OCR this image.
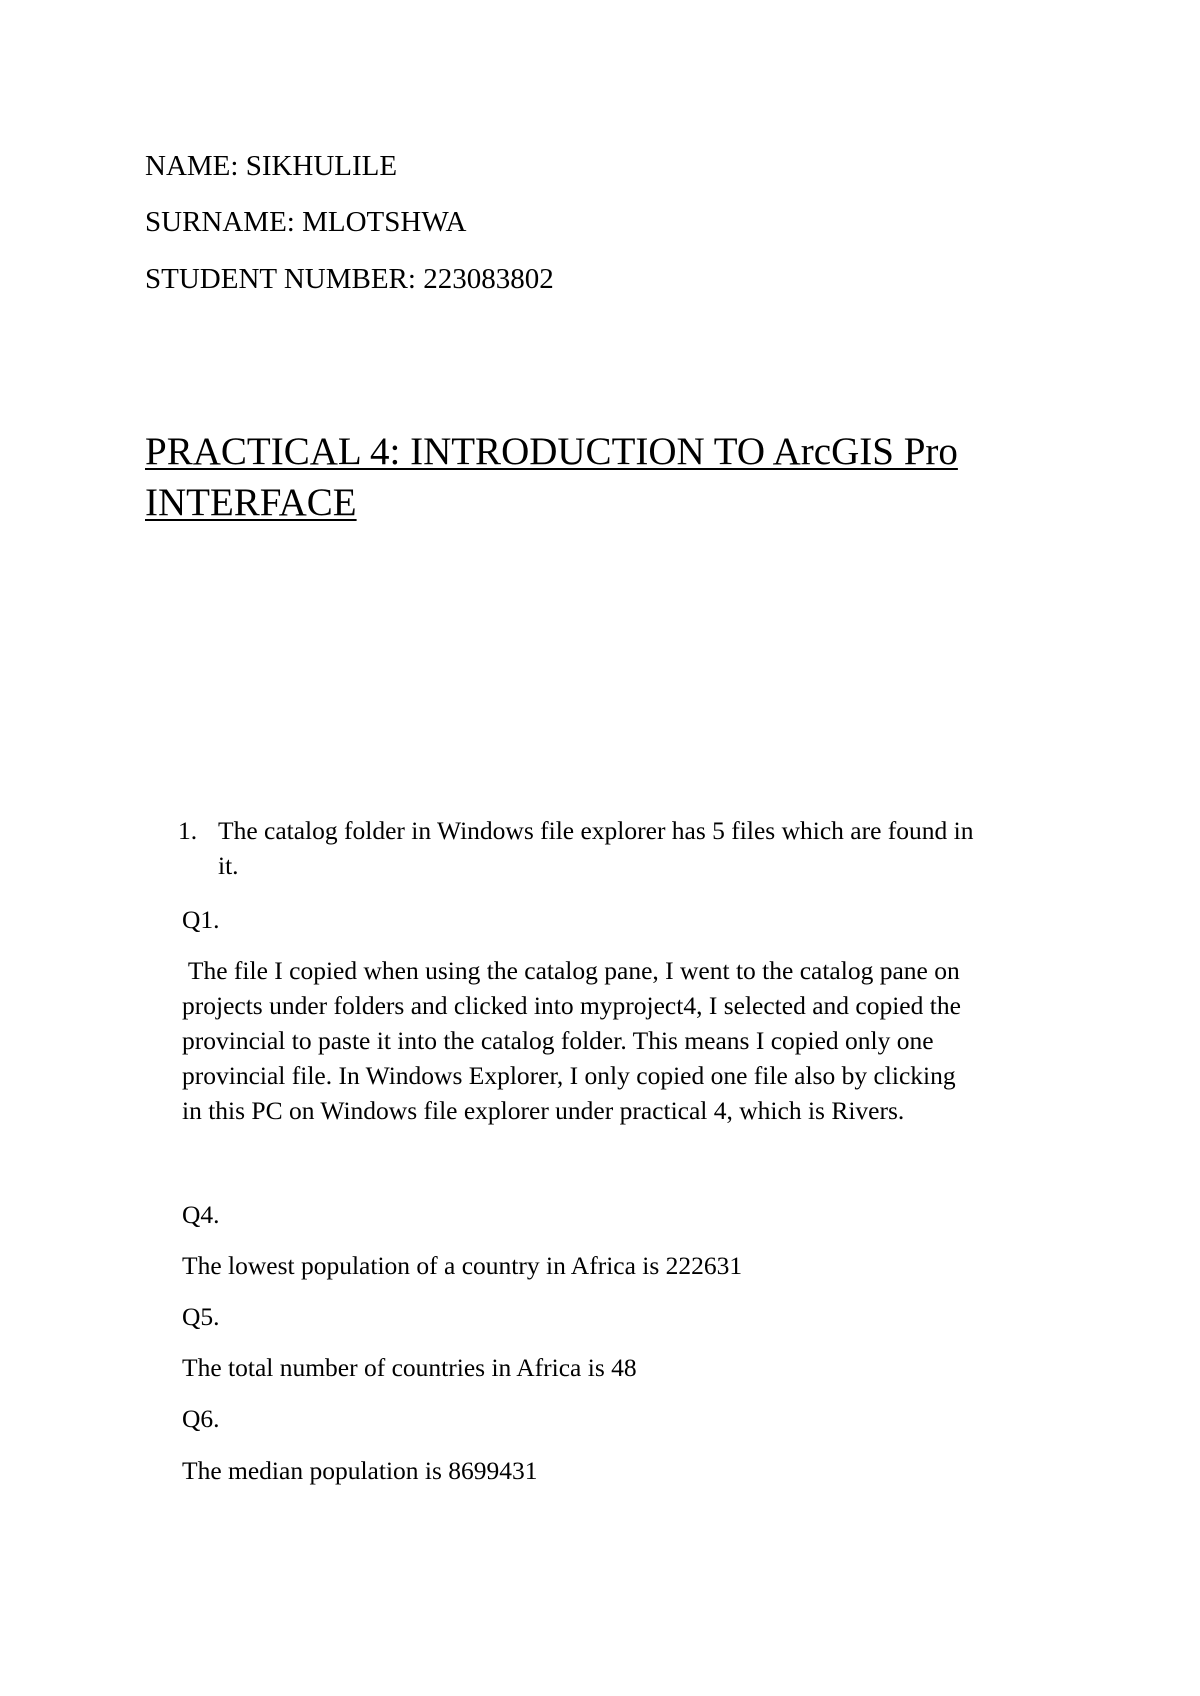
NAME: SIKHULILE

SURNAME: MLOTSHWA

STUDENT NUMBER: 223083802

PRACTICAL 4: INTRODUCTION TO ArcGIS Pro
INTERFACE
1. The catalog folder in Windows file explorer has 5 files which are found in
it.
Q1.
The file I copied when using the catalog pane, I went to the catalog pane on
projects under folders and clicked into myproject4, I selected and copied the
provincial to paste it into the catalog folder. This means I copied only one
provincial file. In Windows Explorer, I only copied one file also by clicking
in this PC on Windows file explorer under practical 4, which is Rivers.
Q4.
The lowest population of a country in Africa is 222631
Q5.
The total number of countries in Africa is 48
Q6.
The median population is 8699431
